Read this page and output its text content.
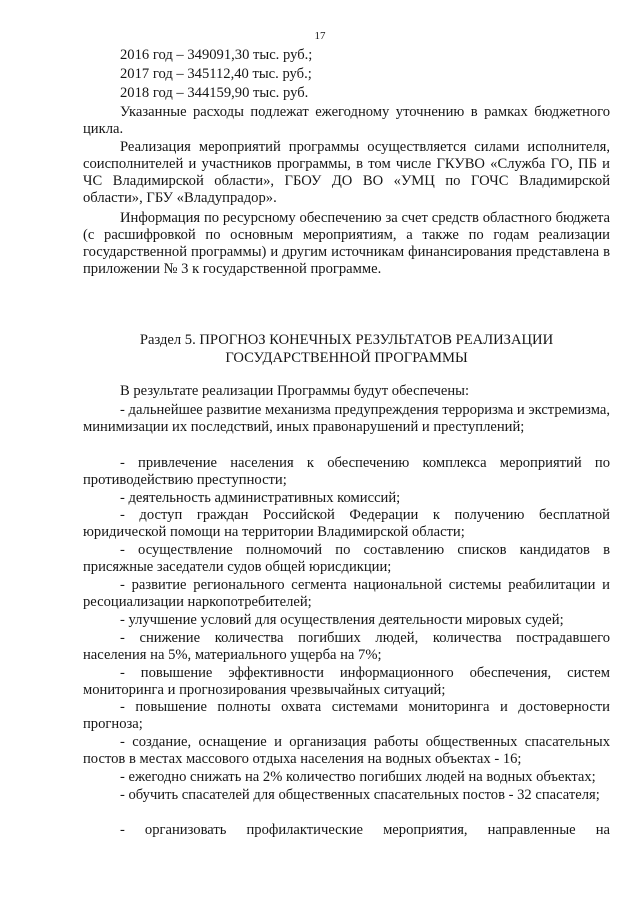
17

2016 год – 349091,30 тыс. руб.;

2017 год – 345112,40 тыс. руб.;

2018 год – 344159,90 тыс. руб.

Указанные расходы подлежат ежегодному уточнению в рамках бюджетного цикла.

Реализация мероприятий программы осуществляется силами исполнителя, соисполнителей и участников программы, в том числе ГКУВО «Служба ГО, ПБ и ЧС Владимирской области», ГБОУ ДО ВО «УМЦ по ГОЧС Владимирской области», ГБУ «Владупрадор».

Информация по ресурсному обеспечению за счет средств областного бюджета (с расшифровкой по основным мероприятиям, а также по годам реализации государственной программы) и другим источникам финансирования представлена в приложении № 3 к государственной программе.

Раздел 5. ПРОГНОЗ КОНЕЧНЫХ РЕЗУЛЬТАТОВ РЕАЛИЗАЦИИ
ГОСУДАРСТВЕННОЙ ПРОГРАММЫ

В результате реализации Программы будут обеспечены:

- дальнейшее развитие механизма предупреждения терроризма и экстремизма, минимизации их последствий, иных правонарушений и преступлений;

- привлечение населения к обеспечению комплекса мероприятий по противодействию преступности;

- деятельность административных комиссий;

- доступ граждан Российской Федерации к получению бесплатной юридической помощи на территории Владимирской области;

- осуществление полномочий по составлению списков кандидатов в присяжные заседатели судов общей юрисдикции;

- развитие регионального сегмента национальной системы реабилитации и ресоциализации наркопотребителей;

- улучшение условий для осуществления деятельности мировых судей;

- снижение количества погибших людей, количества пострадавшего населения на 5%, материального ущерба на 7%;

- повышение эффективности информационного обеспечения, систем мониторинга и прогнозирования чрезвычайных ситуаций;

- повышение полноты охвата системами мониторинга и достоверности прогноза;

- создание, оснащение и организация работы общественных спасательных постов в местах массового отдыха населения на водных объектах - 16;

- ежегодно снижать на 2% количество погибших людей на водных объектах;

- обучить спасателей для общественных спасательных постов - 32 спасателя;

- организовать профилактические мероприятия, направленные на
